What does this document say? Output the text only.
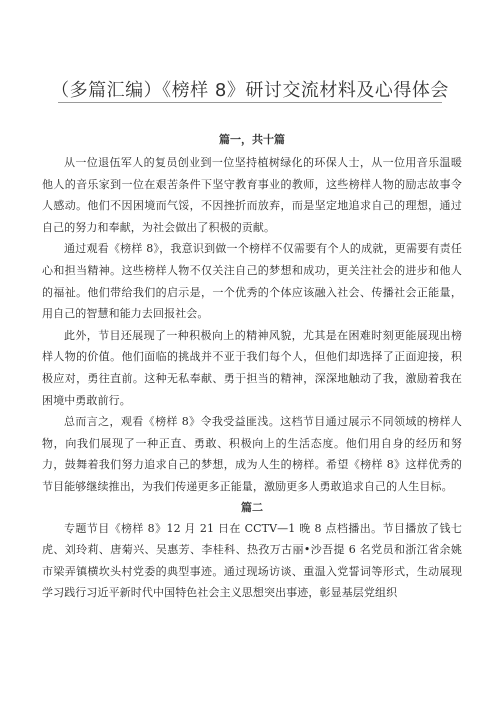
（多篇汇编）《榜样 8》研讨交流材料及心得体会
篇一，共十篇

从一位退伍军人的复员创业到一位坚持植树绿化的环保人士，从一位用音乐温暖他人的音乐家到一位在艰苦条件下坚守教育事业的教师，这些榜样人物的励志故事令人感动。他们不因困境而气馁，不因挫折而放弃，而是坚定地追求自己的理想，通过自己的努力和奉献，为社会做出了积极的贡献。

通过观看《榜样 8》，我意识到做一个榜样不仅需要有个人的成就，更需要有责任心和担当精神。这些榜样人物不仅关注自己的梦想和成功，更关注社会的进步和他人的福祉。他们带给我们的启示是，一个优秀的个体应该融入社会、传播社会正能量，用自己的智慧和能力去回报社会。

此外，节目还展现了一种积极向上的精神风貌，尤其是在困难时刻更能展现出榜样人物的价值。他们面临的挑战并不亚于我们每个人，但他们却选择了正面迎接，积极应对，勇往直前。这种无私奉献、勇于担当的精神，深深地触动了我，激励着我在困境中勇敢前行。

总而言之，观看《榜样 8》令我受益匪浅。这档节目通过展示不同领域的榜样人物，向我们展现了一种正直、勇敢、积极向上的生活态度。他们用自身的经历和努力，鼓舞着我们努力追求自己的梦想，成为人生的榜样。希望《榜样 8》这样优秀的节目能够继续推出，为我们传递更多正能量，激励更多人勇敢追求自己的人生目标。

篇二

专题节目《榜样 8》12 月 21 日在 CCTV—1 晚 8 点档播出。节目播放了钱七虎、刘玲莉、唐菊兴、吴惠芳、李桂科、热孜万古丽•沙吾提 6 名党员和浙江省余姚市梁弄镇横坎头村党委的典型事迹。通过现场访谈、重温入党誓词等形式，生动展现学习践行习近平新时代中国特色社会主义思想突出事迹，彰显基层党组织
